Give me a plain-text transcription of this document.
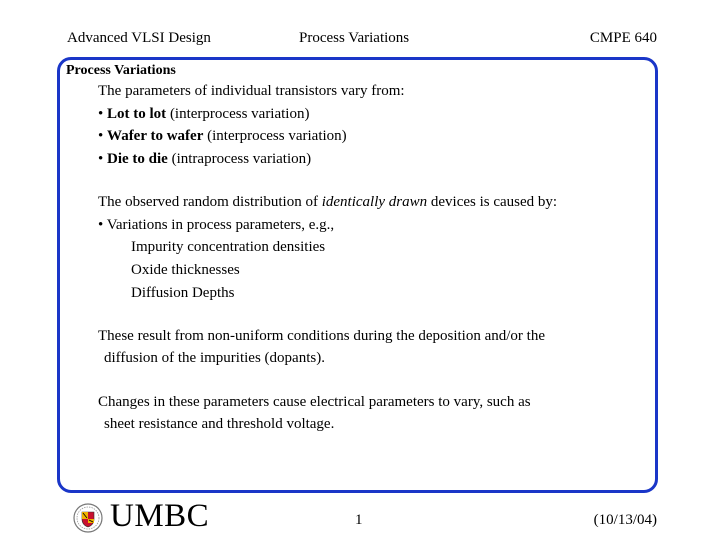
Advanced VLSI Design	Process Variations	CMPE 640
Process Variations
The parameters of individual transistors vary from:
• Lot to lot (interprocess variation)
• Wafer to wafer (interprocess variation)
• Die to die (intraprocess variation)
The observed random distribution of identically drawn devices is caused by:
• Variations in process parameters, e.g.,
Impurity concentration densities
Oxide thicknesses
Diffusion Depths
These result from non-uniform conditions during the deposition and/or the
diffusion of the impurities (dopants).
Changes in these parameters cause electrical parameters to vary, such as
sheet resistance and threshold voltage.
UMBC	1	(10/13/04)
